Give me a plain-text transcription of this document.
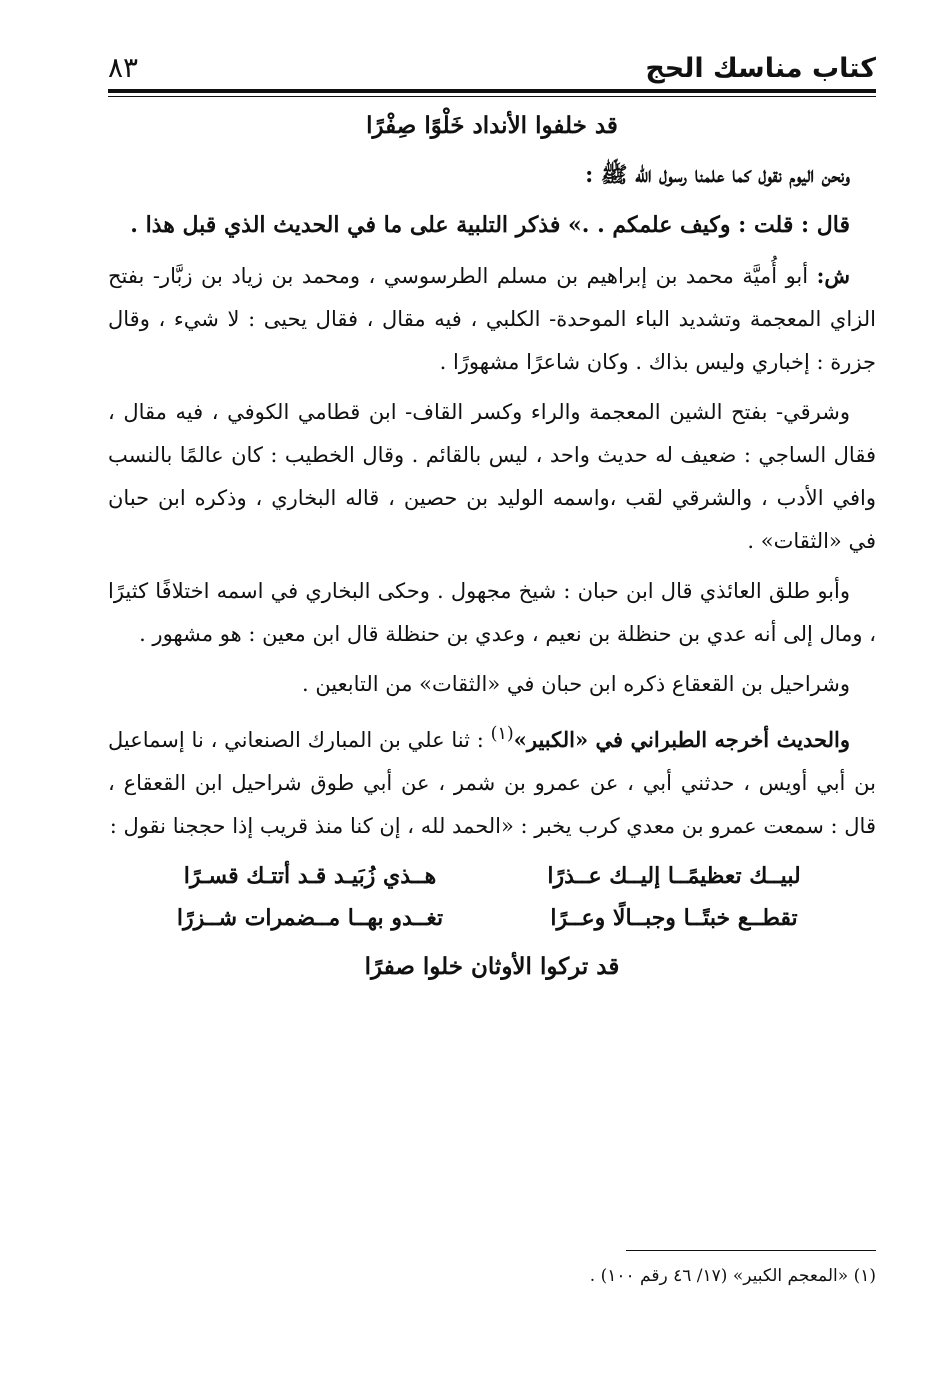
كتاب مناسك الحج
٨٣

قد خلفوا الأنداد خَلْوًا صِفْرًا

ونحن اليوم نقول كما علمنا رسول الله ﷺ :

قال : قلت : وكيف علمكم . .» فذكر التلبية على ما في الحديث الذي قبل هذا .

ش: أبو أُميَّة محمد بن إبراهيم بن مسلم الطرسوسي ، ومحمد بن زياد بن زبَّار- بفتح الزاي المعجمة وتشديد الباء الموحدة- الكلبي ، فيه مقال ، فقال يحيى : لا شيء ، وقال جزرة : إخباري وليس بذاك . وكان شاعرًا مشهورًا .

وشرقي- بفتح الشين المعجمة والراء وكسر القاف- ابن قطامي الكوفي ، فيه مقال ، فقال الساجي : ضعيف له حديث واحد ، ليس بالقائم . وقال الخطيب : كان عالمًا بالنسب وافي الأدب ، والشرقي لقب ،واسمه الوليد بن حصين ، قاله البخاري ، وذكره ابن حبان في «الثقات» .

وأبو طلق العائذي قال ابن حبان : شيخ مجهول . وحكى البخاري في اسمه اختلافًا كثيرًا ، ومال إلى أنه عدي بن حنظلة بن نعيم ، وعدي بن حنظلة قال ابن معين : هو مشهور .

وشراحيل بن القعقاع ذكره ابن حبان في «الثقات» من التابعين .

والحديث أخرجه الطبراني في «الكبير»$^{(١)}$ : ثنا علي بن المبارك الصنعاني ، نا إسماعيل بن أبي أويس ، حدثني أبي ، عن عمرو بن شمر ، عن أبي طوق شراحيل ابن القعقاع ، قال : سمعت عمرو بن معدي كرب يخبر : «الحمد لله ، إن كنا منذ قريب إذا حججنا نقول :

لبيــك تعظيمًــا إليــك عــذرًا
هــذي زُبَيـد قـد أتتـك قسـرًا
تقطــع خبتًــا وجبــالًا وعــرًا
تغــدو بهــا مــضمرات شــزرًا

قد تركوا الأوثان خلوا صفرًا

(١) «المعجم الكبير» (١٧/ ٤٦ رقم ١٠٠) .
